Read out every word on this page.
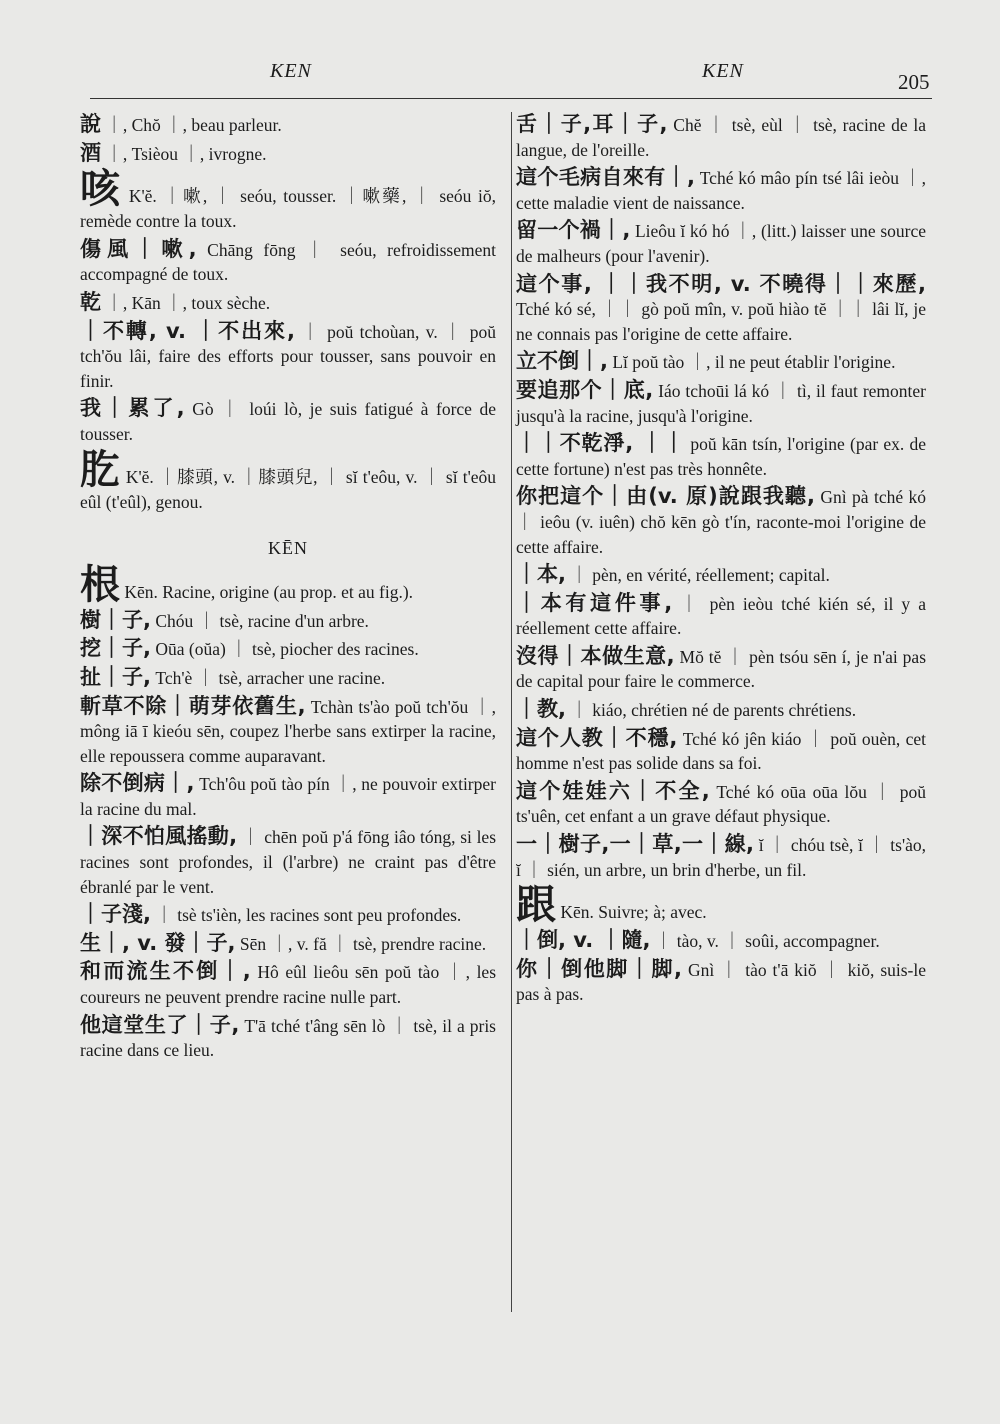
KEN	KEN	205
說 ｜, Chŏ ｜, beau parleur.
酒 ｜, Tsièou ｜, ivrogne.
咳 K'ĕ. ｜嗽, ｜ seóu, tousser. ｜嗽藥, ｜ seóu iŏ, remède contre la toux.
傷風｜嗽, Chāng fōng ｜ seóu, refroidissement accompagné de toux.
乾 ｜, Kān ｜, toux sèche.
｜不轉, v. ｜不出來, ｜ poŭ tchoùan, v. ｜ poŭ tch'ŏu lâi, faire des efforts pour tousser, sans pouvoir en finir.
我｜累了, Gò ｜ loúi lò, je suis fatigué à force de tousser.
肐 K'ĕ. ｜膝頭, v. ｜膝頭兒, ｜ sĭ t'eôu, v. ｜ sĭ t'eôu eûl (t'eûl), genou.
KĒN
根 Kēn. Racine, origine (au prop. et au fig.).
樹｜子, Chóu ｜ tsè, racine d'un arbre.
挖｜子, Oūa (oŭa) ｜ tsè, piocher des racines.
扯｜子, Tch'è ｜ tsè, arracher une racine.
斬草不除｜萌芽依舊生, Tchàn ts'ào poŭ tch'ŏu ｜, mông iā ī kieóu sēn, coupez l'herbe sans extirper la racine, elle repoussera comme auparavant.
除不倒病｜, Tch'ôu poŭ tào pín ｜, ne pouvoir extirper la racine du mal.
｜深不怕風搖動, ｜ chēn poŭ p'á fōng iâo tóng, si les racines sont profondes, il (l'arbre) ne craint pas d'être ébranlé par le vent.
｜子淺, ｜ tsè ts'ièn, les racines sont peu profondes.
生｜, v. 發｜子, Sēn ｜, v. fă ｜ tsè, prendre racine.
和而流生不倒｜, Hô eûl lieôu sēn poŭ tào ｜, les coureurs ne peuvent prendre racine nulle part.
他這堂生了｜子, T'ā tché t'âng sēn lò ｜ tsè, il a pris racine dans ce lieu.
舌｜子,耳｜子, Chĕ ｜ tsè, eùl ｜ tsè, racine de la langue, de l'oreille.
這个毛病自來有｜, Tché kó mâo pín tsé lâi ieòu ｜, cette maladie vient de naissance.
留一个禍｜, Lieôu ĭ kó hó ｜, (litt.) laisser une source de malheurs (pour l'avenir).
這个事, ｜｜我不明, v. 不曉得｜｜來歷, Tché kó sé, ｜｜ gò poŭ mîn, v. poŭ hiào tĕ ｜｜ lâi lĭ, je ne connais pas l'origine de cette affaire.
立不倒｜, Lĭ poŭ tào ｜, il ne peut établir l'origine.
要追那个｜底, Iáo tchoūi lá kó ｜ tì, il faut remonter jusqu'à la racine, jusqu'à l'origine.
｜｜不乾淨, ｜｜ poŭ kān tsín, l'origine (par ex. de cette fortune) n'est pas très honnête.
你把這个｜由(v. 原)說跟我聽, Gnì pà tché kó ｜ ieôu (v. iuên) chŏ kēn gò t'ín, raconte-moi l'origine de cette affaire.
｜本, ｜ pèn, en vérité, réellement; capital.
｜本有這件事, ｜ pèn ieòu tché kién sé, il y a réellement cette affaire.
沒得｜本做生意, Mŏ tĕ ｜ pèn tsóu sēn í, je n'ai pas de capital pour faire le commerce.
｜教, ｜ kiáo, chrétien né de parents chrétiens.
這个人教｜不穩, Tché kó jên kiáo ｜ poŭ ouèn, cet homme n'est pas solide dans sa foi.
這个娃娃六｜不全, Tché kó oūa oūa lŏu ｜ poŭ ts'uên, cet enfant a un grave défaut physique.
一｜樹子,一｜草,一｜線, ĭ ｜ chóu tsè, ĭ ｜ ts'ào, ĭ ｜ sién, un arbre, un brin d'herbe, un fil.
跟 Kēn. Suivre; à; avec.
｜倒, v. ｜隨, ｜ tào, v. ｜ soûi, accompagner.
你｜倒他脚｜脚, Gnì ｜ tào t'ā kiŏ ｜ kiŏ, suis-le pas à pas.
